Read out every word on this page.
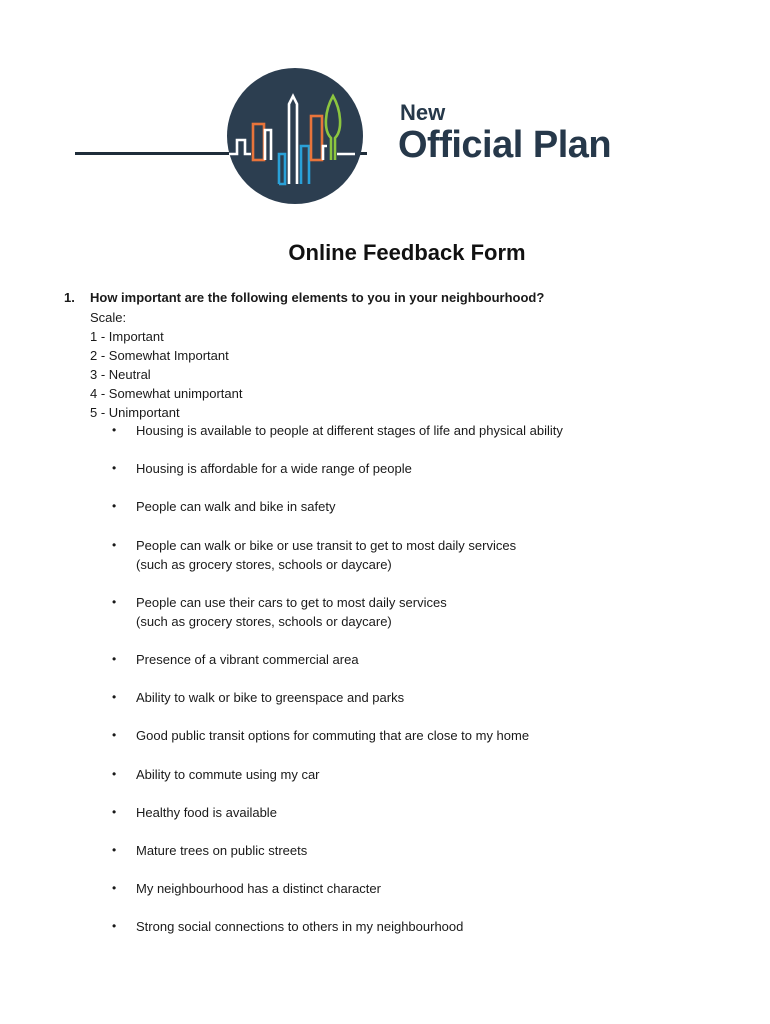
New
Official Plan
Online Feedback Form
1.	How important are the following elements to you in your neighbourhood?
Scale:
1 - Important
2 - Somewhat Important
3 - Neutral
4 - Somewhat unimportant
5 - Unimportant
•	Housing is available to people at different stages of life and physical ability
•	Housing is affordable for a wide range of people
•	People can walk and bike in safety
•	People can walk or bike or use transit to get to most daily services
(such as grocery stores, schools or daycare)
•	People can use their cars to get to most daily services
(such as grocery stores, schools or daycare)
•	Presence of a vibrant commercial area
•	Ability to walk or bike to greenspace and parks
•	Good public transit options for commuting that are close to my home
•	Ability to commute using my car
•	Healthy food is available
•	Mature trees on public streets
•	My neighbourhood has a distinct character
•	Strong social connections to others in my neighbourhood
